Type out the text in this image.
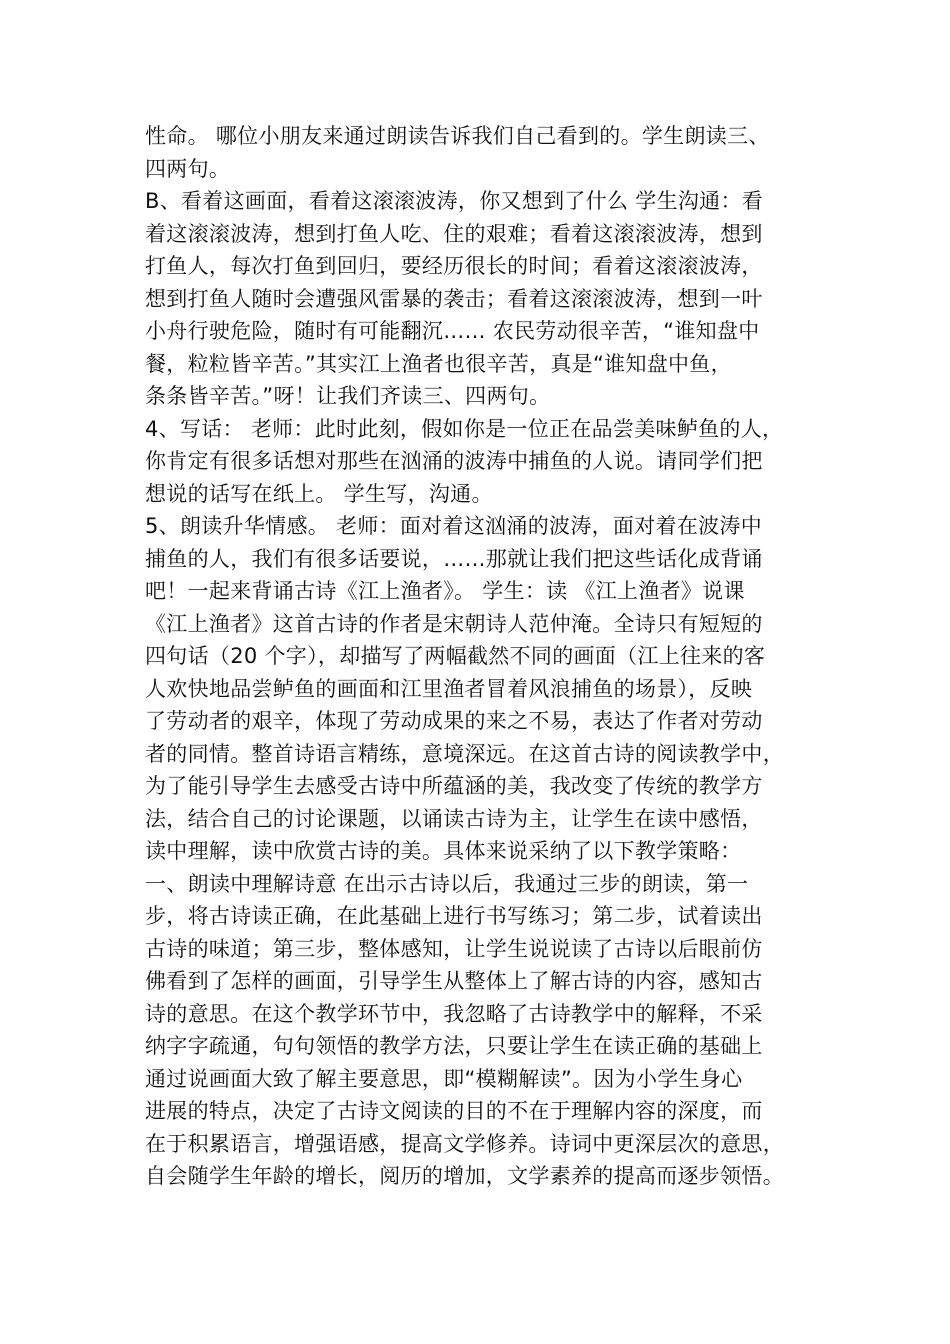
性命。 哪位小朋友来通过朗读告诉我们自己看到的。学生朗读三、
四两句。
B、看着这画面，看着这滚滚波涛，你又想到了什么 学生沟通：看
着这滚滚波涛，想到打鱼人吃、住的艰难；看着这滚滚波涛，想到
打鱼人，每次打鱼到回归，要经历很长的时间；看着这滚滚波涛，
想到打鱼人随时会遭强风雷暴的袭击；看着这滚滚波涛，想到一叶
小舟行驶危险，随时有可能翻沉…… 农民劳动很辛苦，“谁知盘中
餐，粒粒皆辛苦。”其实江上渔者也很辛苦，真是“谁知盘中鱼，
条条皆辛苦。”呀！让我们齐读三、四两句。
4、写话： 老师：此时此刻，假如你是一位正在品尝美味鲈鱼的人，
你肯定有很多话想对那些在汹涌的波涛中捕鱼的人说。请同学们把
想说的话写在纸上。 学生写，沟通。
5、朗读升华情感。 老师：面对着这汹涌的波涛，面对着在波涛中
捕鱼的人，我们有很多话要说，……那就让我们把这些话化成背诵
吧！一起来背诵古诗《江上渔者》。 学生：读 《江上渔者》说课
《江上渔者》这首古诗的作者是宋朝诗人范仲淹。全诗只有短短的
四句话（20 个字），却描写了两幅截然不同的画面（江上往来的客
人欢快地品尝鲈鱼的画面和江里渔者冒着风浪捕鱼的场景），反映
了劳动者的艰辛，体现了劳动成果的来之不易，表达了作者对劳动
者的同情。整首诗语言精练，意境深远。在这首古诗的阅读教学中，
为了能引导学生去感受古诗中所蕴涵的美，我改变了传统的教学方
法，结合自己的讨论课题，以诵读古诗为主，让学生在读中感悟，
读中理解，读中欣赏古诗的美。具体来说采纳了以下教学策略：
一、朗读中理解诗意 在出示古诗以后，我通过三步的朗读，第一
步，将古诗读正确，在此基础上进行书写练习；第二步，试着读出
古诗的味道；第三步，整体感知，让学生说说读了古诗以后眼前仿
佛看到了怎样的画面，引导学生从整体上了解古诗的内容，感知古
诗的意思。在这个教学环节中，我忽略了古诗教学中的解释，不采
纳字字疏通，句句领悟的教学方法，只要让学生在读正确的基础上
通过说画面大致了解主要意思，即“模糊解读”。因为小学生身心
进展的特点，决定了古诗文阅读的目的不在于理解内容的深度，而
在于积累语言，增强语感，提高文学修养。诗词中更深层次的意思，
自会随学生年龄的增长，阅历的增加，文学素养的提高而逐步领悟。
